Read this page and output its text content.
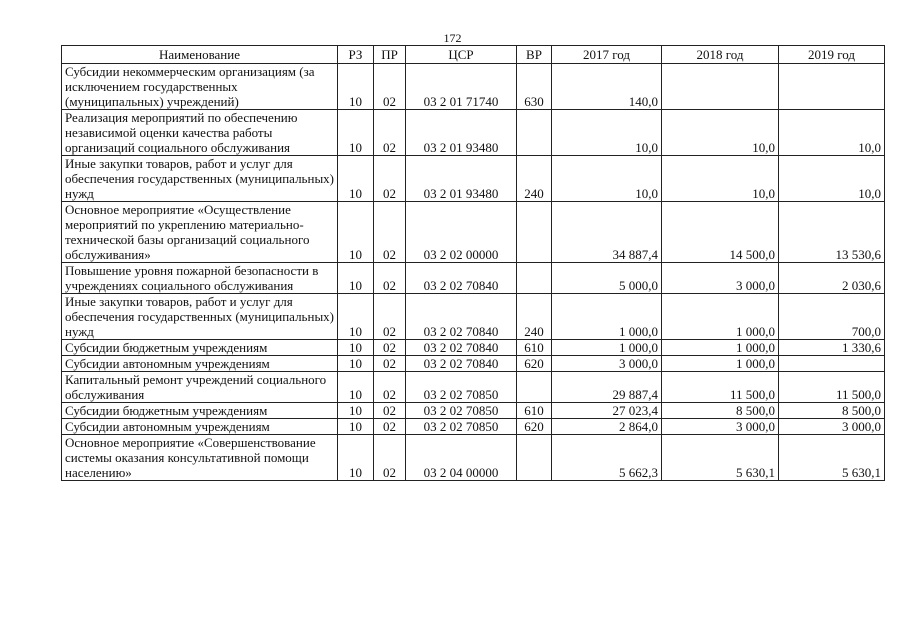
172
Наименование	РЗ	ПР	ЦСР	ВР	2017 год	2018 год	2019 год
Субсидии некоммерческим организациям (за исключением государственных (муниципальных) учреждений)	10	02	03 2 01 71740	630	140,0		
Реализация мероприятий по обеспечению независимой оценки качества работы организаций социального обслуживания	10	02	03 2 01 93480		10,0	10,0	10,0
Иные закупки товаров, работ и услуг для обеспечения государственных (муниципальных) нужд	10	02	03 2 01 93480	240	10,0	10,0	10,0
Основное мероприятие «Осуществление мероприятий по укреплению материально-технической базы организаций социального обслуживания»	10	02	03 2 02 00000		34 887,4	14 500,0	13 530,6
Повышение уровня пожарной безопасности в учреждениях социального обслуживания	10	02	03 2 02 70840		5 000,0	3 000,0	2 030,6
Иные закупки товаров, работ и услуг для обеспечения государственных (муниципальных) нужд	10	02	03 2 02 70840	240	1 000,0	1 000,0	700,0
Субсидии бюджетным учреждениям	10	02	03 2 02 70840	610	1 000,0	1 000,0	1 330,6
Субсидии автономным учреждениям	10	02	03 2 02 70840	620	3 000,0	1 000,0	
Капитальный ремонт учреждений социального обслуживания	10	02	03 2 02 70850		29 887,4	11 500,0	11 500,0
Субсидии бюджетным учреждениям	10	02	03 2 02 70850	610	27 023,4	8 500,0	8 500,0
Субсидии автономным учреждениям	10	02	03 2 02 70850	620	2 864,0	3 000,0	3 000,0
Основное мероприятие «Совершенствование системы оказания консультативной помощи населению»	10	02	03 2 04 00000		5 662,3	5 630,1	5 630,1
